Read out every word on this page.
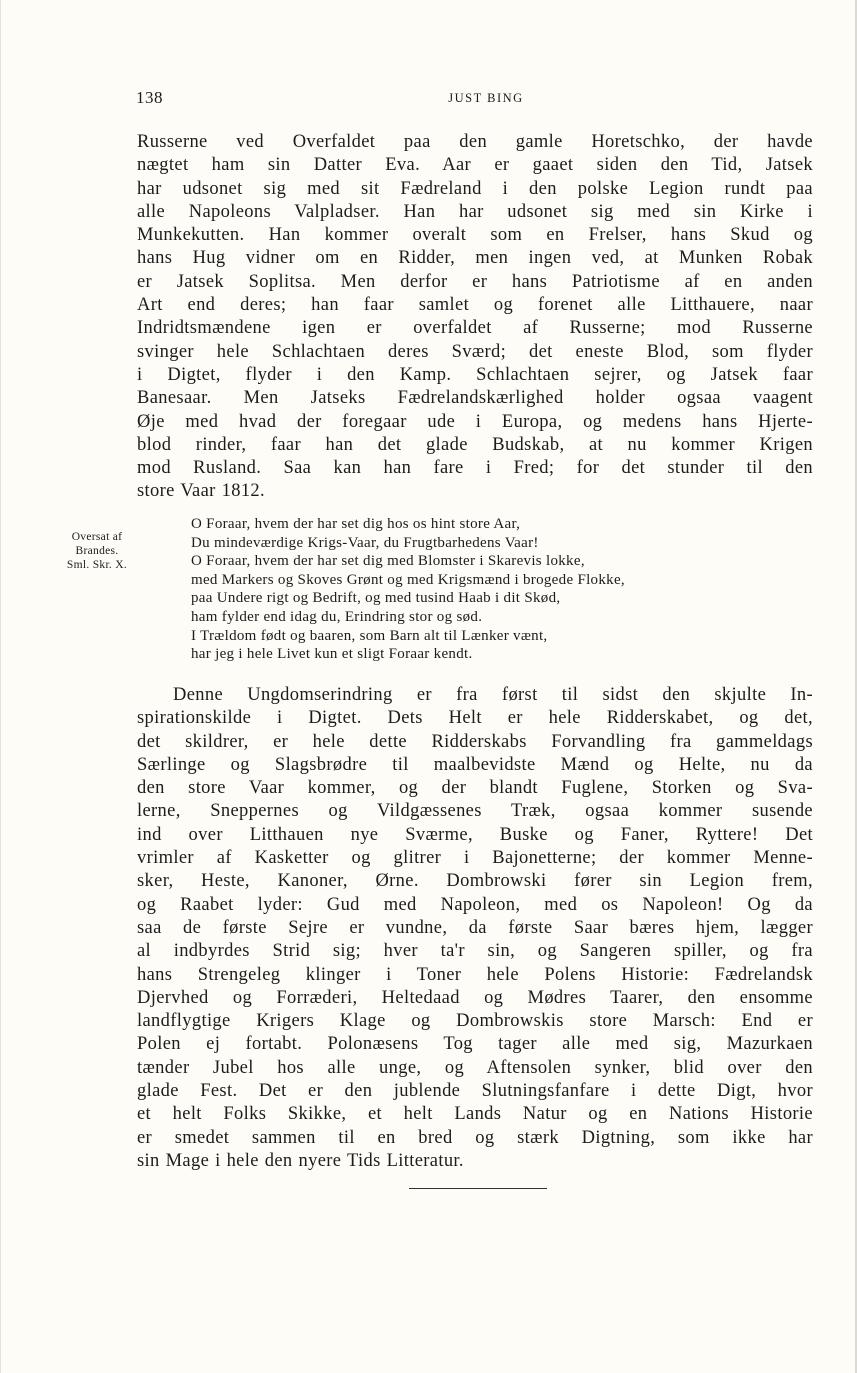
138	JUST BING
Russerne ved Overfaldet paa den gamle Horetschko, der havde
nægtet ham sin Datter Eva. Aar er gaaet siden den Tid, Jatsek
har udsonet sig med sit Fædreland i den polske Legion rundt paa
alle Napoleons Valpladser. Han har udsonet sig med sin Kirke i
Munkekutten. Han kommer overalt som en Frelser, hans Skud og
hans Hug vidner om en Ridder, men ingen ved, at Munken Robak
er Jatsek Soplitsa. Men derfor er hans Patriotisme af en anden
Art end deres; han faar samlet og forenet alle Litthauere, naar
Indridtsmændene igen er overfaldet af Russerne; mod Russerne
svinger hele Schlachtaen deres Sværd; det eneste Blod, som flyder
i Digtet, flyder i den Kamp. Schlachtaen sejrer, og Jatsek faar
Banesaar. Men Jatseks Fædrelandskærlighed holder ogsaa vaagent
Øje med hvad der foregaar ude i Europa, og medens hans Hjerte-
blod rinder, faar han det glade Budskab, at nu kommer Krigen
mod Rusland. Saa kan han fare i Fred; for det stunder til den
store Vaar 1812.
Oversat af
Brandes.
Sml. Skr. X.
O Foraar, hvem der har set dig hos os hint store Aar,
Du mindeværdige Krigs-Vaar, du Frugtbarhedens Vaar!
O Foraar, hvem der har set dig med Blomster i Skarevis lokke,
med Markers og Skoves Grønt og med Krigsmænd i brogede Flokke,
paa Undere rigt og Bedrift, og med tusind Haab i dit Skød,
ham fylder end idag du, Erindring stor og sød.
I Trældom født og baaren, som Barn alt til Lænker vænt,
har jeg i hele Livet kun et sligt Foraar kendt.
Denne Ungdomserindring er fra først til sidst den skjulte In-
spirationskilde i Digtet. Dets Helt er hele Ridderskabet, og det,
det skildrer, er hele dette Ridderskabs Forvandling fra gammeldags
Særlinge og Slagsbrødre til maalbevidste Mænd og Helte, nu da
den store Vaar kommer, og der blandt Fuglene, Storken og Sva-
lerne, Sneppernes og Vildgæssenes Træk, ogsaa kommer susende
ind over Litthauen nye Sværme, Buske og Faner, Ryttere! Det
vrimler af Kasketter og glitrer i Bajonetterne; der kommer Menne-
sker, Heste, Kanoner, Ørne. Dombrowski fører sin Legion frem,
og Raabet lyder: Gud med Napoleon, med os Napoleon! Og da
saa de første Sejre er vundne, da første Saar bæres hjem, lægger
al indbyrdes Strid sig; hver ta'r sin, og Sangeren spiller, og fra
hans Strengeleg klinger i Toner hele Polens Historie: Fædrelandsk
Djervhed og Forræderi, Heltedaad og Mødres Taarer, den ensomme
landflygtige Krigers Klage og Dombrowskis store Marsch: End er
Polen ej fortabt. Polonæsens Tog tager alle med sig, Mazurkaen
tænder Jubel hos alle unge, og Aftensolen synker, blid over den
glade Fest. Det er den jublende Slutningsfanfare i dette Digt, hvor
et helt Folks Skikke, et helt Lands Natur og en Nations Historie
er smedet sammen til en bred og stærk Digtning, som ikke har
sin Mage i hele den nyere Tids Litteratur.
